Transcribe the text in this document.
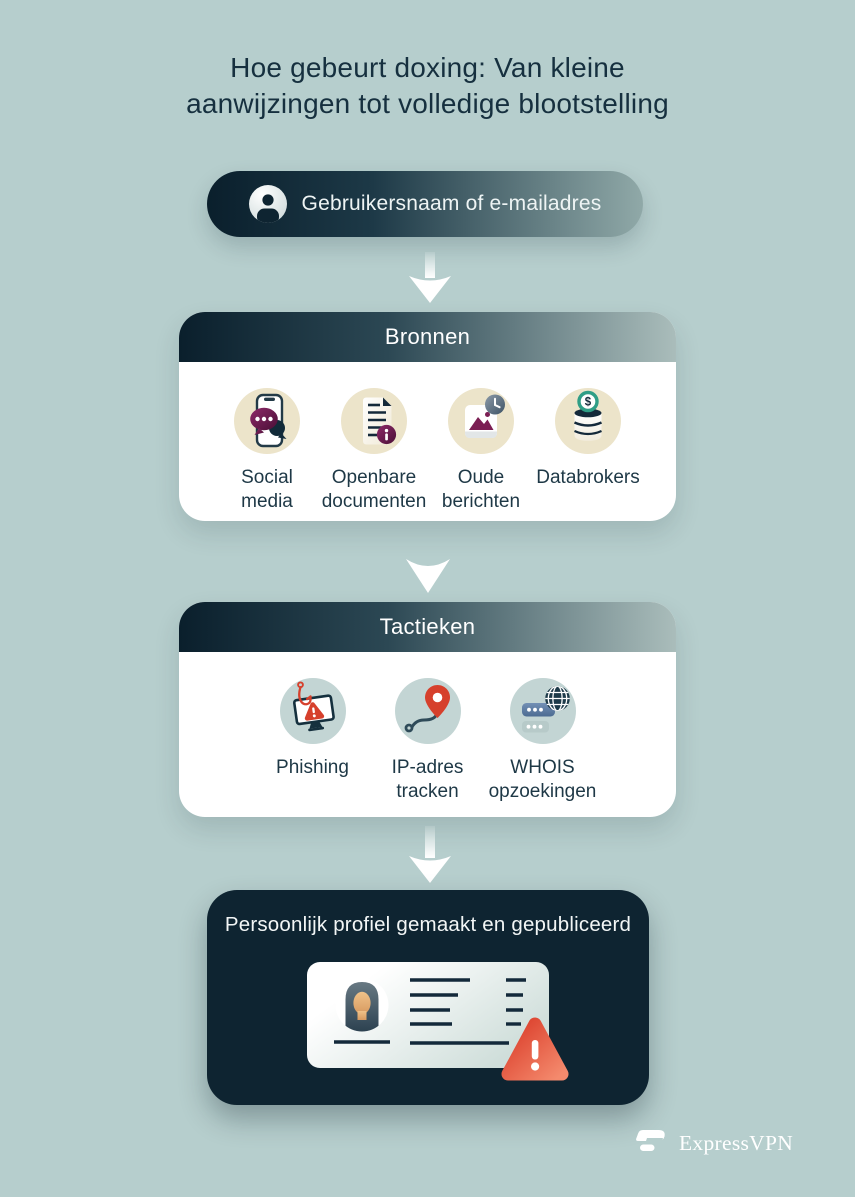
Hoe gebeurt doxing: Van kleine
aanwijzingen tot volledige blootstelling
Gebruikersnaam of e-mailadres
Bronnen
Social media
Openbare documenten
Oude berichten
$
Databrokers
Tactieken
Phishing	IP-adres tracken
WHOIS opzoekingen
Persoonlijk profiel gemaakt en gepubliceerd
ExpressVPN
